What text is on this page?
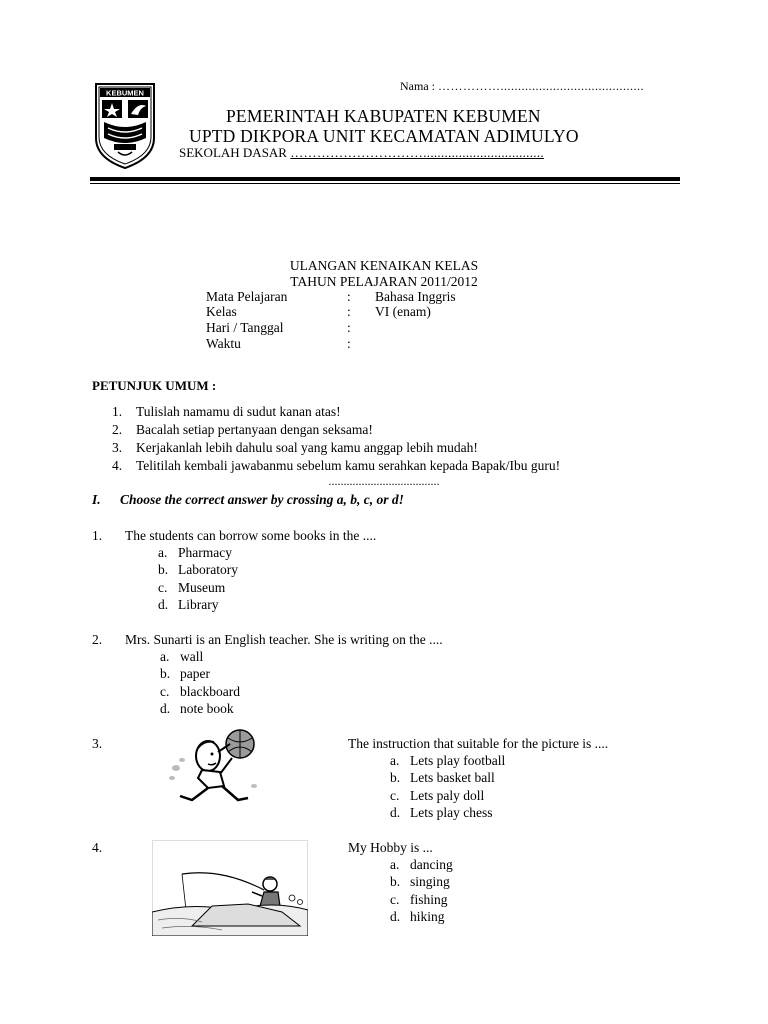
Nama : …………….........................................
KEBUMEN
PEMERINTAH KABUPATEN KEBUMEN
UPTD DIKPORA UNIT KECAMATAN ADIMULYO
SEKOLAH DASAR …………………………..................................
ULANGAN KENAIKAN KELAS
TAHUN PELAJARAN 2011/2012
Mata Pelajaran	: Bahasa Inggris
Kelas	: VI (enam)
Hari / Tanggal	:
Waktu	:
PETUNJUK UMUM :
1. Tulislah namamu di sudut kanan atas!
2. Bacalah setiap pertanyaan dengan seksama!
3. Kerjakanlah lebih dahulu soal yang kamu anggap lebih mudah!
4. Telitilah kembali jawabanmu sebelum kamu serahkan kepada Bapak/Ibu guru!
.....................................
I. Choose the correct answer by crossing a, b, c, or d!
1. The students can borrow some books in the ....
a. Pharmacy
b. Laboratory
c. Museum
d. Library
2. Mrs. Sunarti is an English teacher. She is writing on the ....
a. wall
b. paper
c. blackboard
d. note book
3.	The instruction that suitable for the picture is ....
a. Lets play football
b. Lets basket ball
c. Lets paly doll
d. Lets play chess
4.	My Hobby is ...
a. dancing
b. singing
c. fishing
d. hiking
